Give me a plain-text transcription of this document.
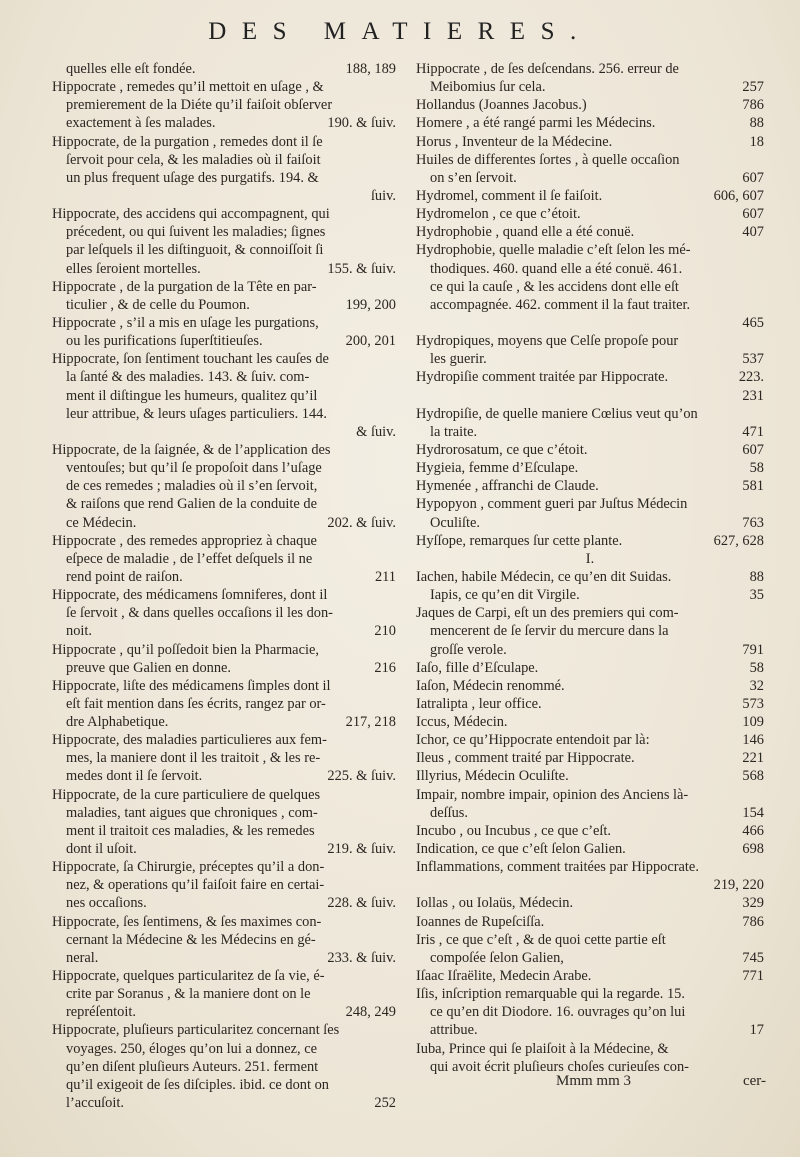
DES MATIERES.
quelles elle eſt fondée.	188, 189
Hippocrate , remedes qu’il mettoit en uſage , &
premierement de la Diéte qu’il faiſoit obſerver
exactement à ſes malades.	190. & ſuiv.
Hippocrate, de la purgation , remedes dont il ſe
ſervoit pour cela, & les maladies où il faiſoit
un plus frequent uſage des purgatifs. 194. &
ſuiv.
Hippocrate, des accidens qui accompagnent, qui
précedent, ou qui ſuivent les maladies; ſignes
par leſquels il les diſtinguoit, & connoiſſoit ſi
elles ſeroient mortelles.	155. & ſuiv.
Hippocrate , de la purgation de la Tête en par-
ticulier , & de celle du Poumon.	199, 200
Hippocrate , s’il a mis en uſage les purgations,
ou les purifications ſuperſtitieuſes.	200, 201
Hippocrate, ſon ſentiment touchant les cauſes de
la ſanté & des maladies. 143. & ſuiv. com-
ment il diſtingue les humeurs, qualitez qu’il
leur attribue, & leurs uſages particuliers. 144.
& ſuiv.
Hippocrate, de la ſaignée, & de l’application des
ventouſes; but qu’il ſe propoſoit dans l’uſage
de ces remedes ; maladies où il s’en ſervoit,
& raiſons que rend Galien de la conduite de
ce Médecin.	202. & ſuiv.
Hippocrate , des remedes appropriez à chaque
eſpece de maladie , de l’effet deſquels il ne
rend point de raiſon.	211
Hippocrate, des médicamens ſomniferes, dont il
ſe ſervoit , & dans quelles occaſions il les don-
noit.	210
Hippocrate , qu’il poſſedoit bien la Pharmacie,
preuve que Galien en donne.	216
Hippocrate, liſte des médicamens ſimples dont il
eſt fait mention dans ſes écrits, rangez par or-
dre Alphabetique.	217, 218
Hippocrate, des maladies particulieres aux fem-
mes, la maniere dont il les traitoit , & les re-
medes dont il ſe ſervoit.	225. & ſuiv.
Hippocrate, de la cure particuliere de quelques
maladies, tant aigues que chroniques , com-
ment il traitoit ces maladies, & les remedes
dont il uſoit.	219. & ſuiv.
Hippocrate, ſa Chirurgie, préceptes qu’il a don-
nez, & operations qu’il faiſoit faire en certai-
nes occaſions.	228. & ſuiv.
Hippocrate, ſes ſentimens, & ſes maximes con-
cernant la Médecine & les Médecins en gé-
neral.	233. & ſuiv.
Hippocrate, quelques particularitez de ſa vie, é-
crite par Soranus , & la maniere dont on le
repréſentoit.	248, 249
Hippocrate, pluſieurs particularitez concernant ſes
voyages. 250, éloges qu’on lui a donnez, ce
qu’en diſent pluſieurs Auteurs. 251. ferment
qu’il exigeoit de ſes diſciples. ibid. ce dont on
l’accuſoit.	252
Hippocrate , de ſes deſcendans. 256. erreur de
Meibomius ſur cela.	257
Hollandus (Joannes Jacobus.)	786
Homere , a été rangé parmi les Médecins.	88
Horus , Inventeur de la Médecine.	18
Huiles de differentes ſortes , à quelle occaſion
on s’en ſervoit.	607
Hydromel, comment il ſe faiſoit.	606, 607
Hydromelon , ce que c’étoit.	607
Hydrophobie , quand elle a été conuë.	407
Hydrophobie, quelle maladie c’eſt ſelon les mé-
thodiques. 460. quand elle a été conuë. 461.
ce qui la cauſe , & les accidens dont elle eſt
accompagnée. 462. comment il la faut traiter.
465
Hydropiques, moyens que Celſe propoſe pour
les guerir.	537
Hydropiſie comment traitée par Hippocrate.	223.
231
Hydropiſie, de quelle maniere Cœlius veut qu’on
la traite.	471
Hydrorosatum, ce que c’étoit.	607
Hygieia, femme d’Eſculape.	58
Hymenée , affranchi de Claude.	581
Hypopyon , comment gueri par Juſtus Médecin
Oculiſte.	763
Hyſſope, remarques ſur cette plante.	627, 628
I.
Iachen, habile Médecin, ce qu’en dit Suidas.	88
Iapis, ce qu’en dit Virgile.	35
Jaques de Carpi, eſt un des premiers qui com-
mencerent de ſe ſervir du mercure dans la
groſſe verole.	791
Iaſo, fille d’Eſculape.	58
Iaſon, Médecin renommé.	32
Iatralipta , leur office.	573
Iccus, Médecin.	109
Ichor, ce qu’Hippocrate entendoit par là:	146
Ileus , comment traité par Hippocrate.	221
Illyrius, Médecin Oculiſte.	568
Impair, nombre impair, opinion des Anciens là-
deſſus.	154
Incubo , ou Incubus , ce que c’eſt.	466
Indication, ce que c’eſt ſelon Galien.	698
Inflammations, comment traitées par Hippocrate.
219, 220
Iollas , ou Iolaüs, Médecin.	329
Ioannes de Rupeſciſſa.	786
Iris , ce que c’eſt , & de quoi cette partie eſt
compoſée ſelon Galien,	745
Iſaac Iſraëlite, Medecin Arabe.	771
Iſis, inſcription remarquable qui la regarde. 15.
ce qu’en dit Diodore. 16. ouvrages qu’on lui
attribue.	17
Iuba, Prince qui ſe plaiſoit à la Médecine, &
qui avoit écrit pluſieurs choſes curieuſes con-
Mmm mm 3	cer-
